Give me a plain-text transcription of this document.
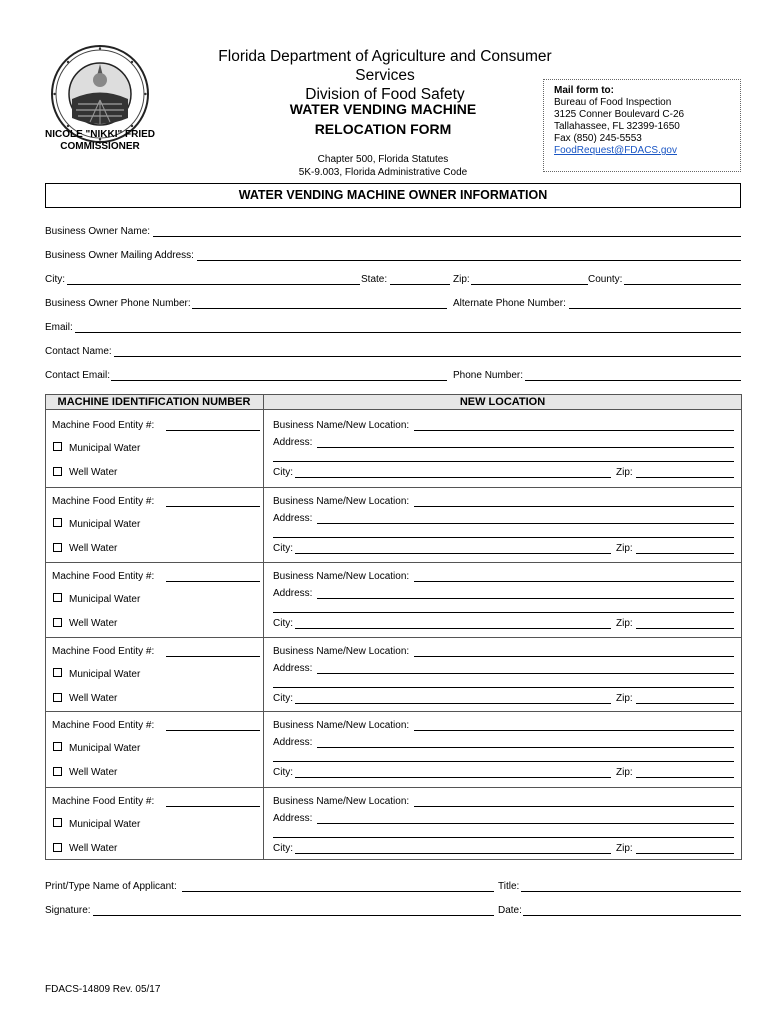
NICOLE "NIKKI" FRIED
COMMISSIONER
Florida Department of Agriculture and Consumer Services
Division of Food Safety
WATER VENDING MACHINE
RELOCATION FORM
Chapter 500, Florida Statutes
5K-9.003, Florida Administrative Code
Mail form to:
Bureau of Food Inspection
3125 Conner Boulevard C-26
Tallahassee, FL 32399-1650
Fax (850) 245-5553
FoodRequest@FDACS.gov
WATER VENDING MACHINE OWNER INFORMATION
Business Owner Name:
Business Owner Mailing Address:
City:	State:	Zip:	County:
Business Owner Phone Number:	Alternate Phone Number:
Email:
Contact Name:
Contact Email:	Phone Number:
MACHINE IDENTIFICATION NUMBER	NEW LOCATION
Machine Food Entity #:
Municipal Water
Well Water
Business Name/New Location:
Address:
City:	Zip:
Machine Food Entity #:
Municipal Water
Well Water
Business Name/New Location:
Address:
City:	Zip:
Machine Food Entity #:
Municipal Water
Well Water
Business Name/New Location:
Address:
City:	Zip:
Machine Food Entity #:
Municipal Water
Well Water
Business Name/New Location:
Address:
City:	Zip:
Machine Food Entity #:
Municipal Water
Well Water
Business Name/New Location:
Address:
City:	Zip:
Machine Food Entity #:
Municipal Water
Well Water
Business Name/New Location:
Address:
City:	Zip:
Print/Type Name of Applicant:	Title:
Signature:	Date:
FDACS-14809 Rev. 05/17
